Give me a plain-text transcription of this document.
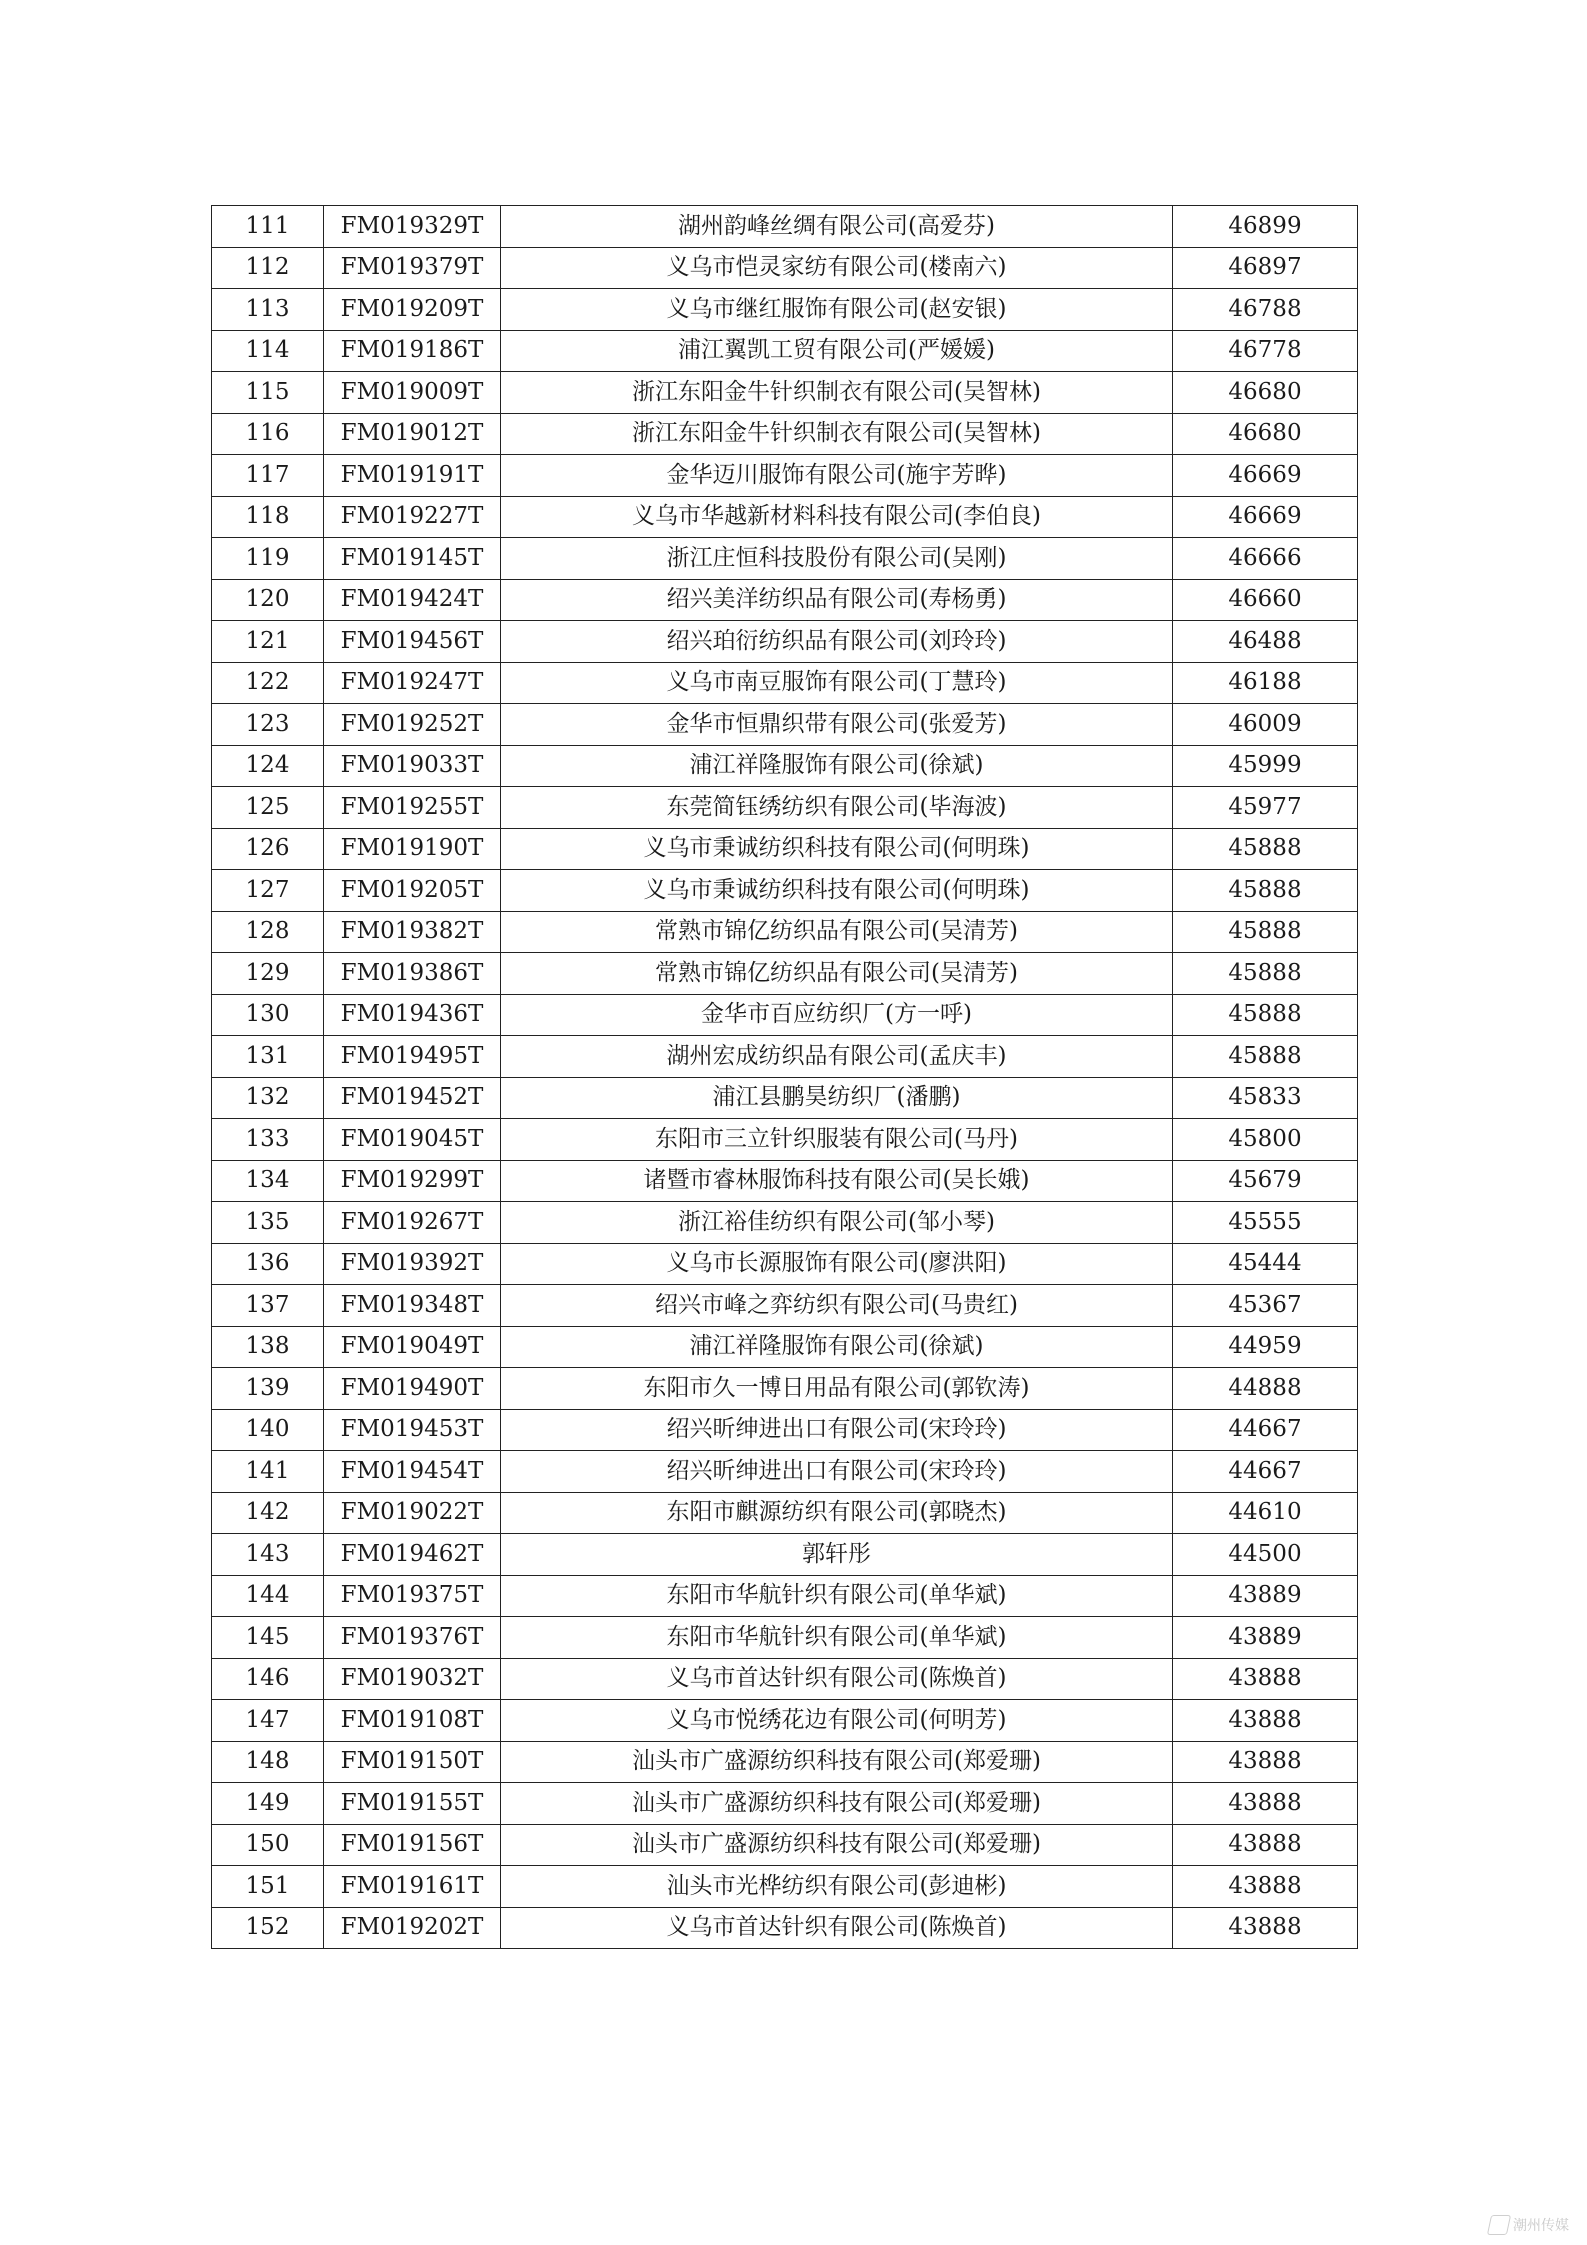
111	FM019329T	湖州韵峰丝绸有限公司(高爱芬)	46899
112	FM019379T	义乌市恺灵家纺有限公司(楼南六)	46897
113	FM019209T	义乌市继红服饰有限公司(赵安银)	46788
114	FM019186T	浦江翼凯工贸有限公司(严媛媛)	46778
115	FM019009T	浙江东阳金牛针织制衣有限公司(吴智林)	46680
116	FM019012T	浙江东阳金牛针织制衣有限公司(吴智林)	46680
117	FM019191T	金华迈川服饰有限公司(施宇芳晔)	46669
118	FM019227T	义乌市华越新材料科技有限公司(李伯良)	46669
119	FM019145T	浙江庄恒科技股份有限公司(吴刚)	46666
120	FM019424T	绍兴美洋纺织品有限公司(寿杨勇)	46660
121	FM019456T	绍兴珀衍纺织品有限公司(刘玲玲)	46488
122	FM019247T	义乌市南豆服饰有限公司(丁慧玲)	46188
123	FM019252T	金华市恒鼎织带有限公司(张爱芳)	46009
124	FM019033T	浦江祥隆服饰有限公司(徐斌)	45999
125	FM019255T	东莞简钰绣纺织有限公司(毕海波)	45977
126	FM019190T	义乌市秉诚纺织科技有限公司(何明珠)	45888
127	FM019205T	义乌市秉诚纺织科技有限公司(何明珠)	45888
128	FM019382T	常熟市锦亿纺织品有限公司(吴清芳)	45888
129	FM019386T	常熟市锦亿纺织品有限公司(吴清芳)	45888
130	FM019436T	金华市百应纺织厂(方一呼)	45888
131	FM019495T	湖州宏成纺织品有限公司(孟庆丰)	45888
132	FM019452T	浦江县鹏昊纺织厂(潘鹏)	45833
133	FM019045T	东阳市三立针织服装有限公司(马丹)	45800
134	FM019299T	诸暨市睿林服饰科技有限公司(吴长娥)	45679
135	FM019267T	浙江裕佳纺织有限公司(邹小琴)	45555
136	FM019392T	义乌市长源服饰有限公司(廖洪阳)	45444
137	FM019348T	绍兴市峰之弈纺织有限公司(马贵红)	45367
138	FM019049T	浦江祥隆服饰有限公司(徐斌)	44959
139	FM019490T	东阳市久一博日用品有限公司(郭钦涛)	44888
140	FM019453T	绍兴昕绅进出口有限公司(宋玲玲)	44667
141	FM019454T	绍兴昕绅进出口有限公司(宋玲玲)	44667
142	FM019022T	东阳市麒源纺织有限公司(郭晓杰)	44610
143	FM019462T	郭轩彤	44500
144	FM019375T	东阳市华航针织有限公司(单华斌)	43889
145	FM019376T	东阳市华航针织有限公司(单华斌)	43889
146	FM019032T	义乌市首达针织有限公司(陈焕首)	43888
147	FM019108T	义乌市悦绣花边有限公司(何明芳)	43888
148	FM019150T	汕头市广盛源纺织科技有限公司(郑爱珊)	43888
149	FM019155T	汕头市广盛源纺织科技有限公司(郑爱珊)	43888
150	FM019156T	汕头市广盛源纺织科技有限公司(郑爱珊)	43888
151	FM019161T	汕头市光桦纺织有限公司(彭迪彬)	43888
152	FM019202T	义乌市首达针织有限公司(陈焕首)	43888
潮州传媒
